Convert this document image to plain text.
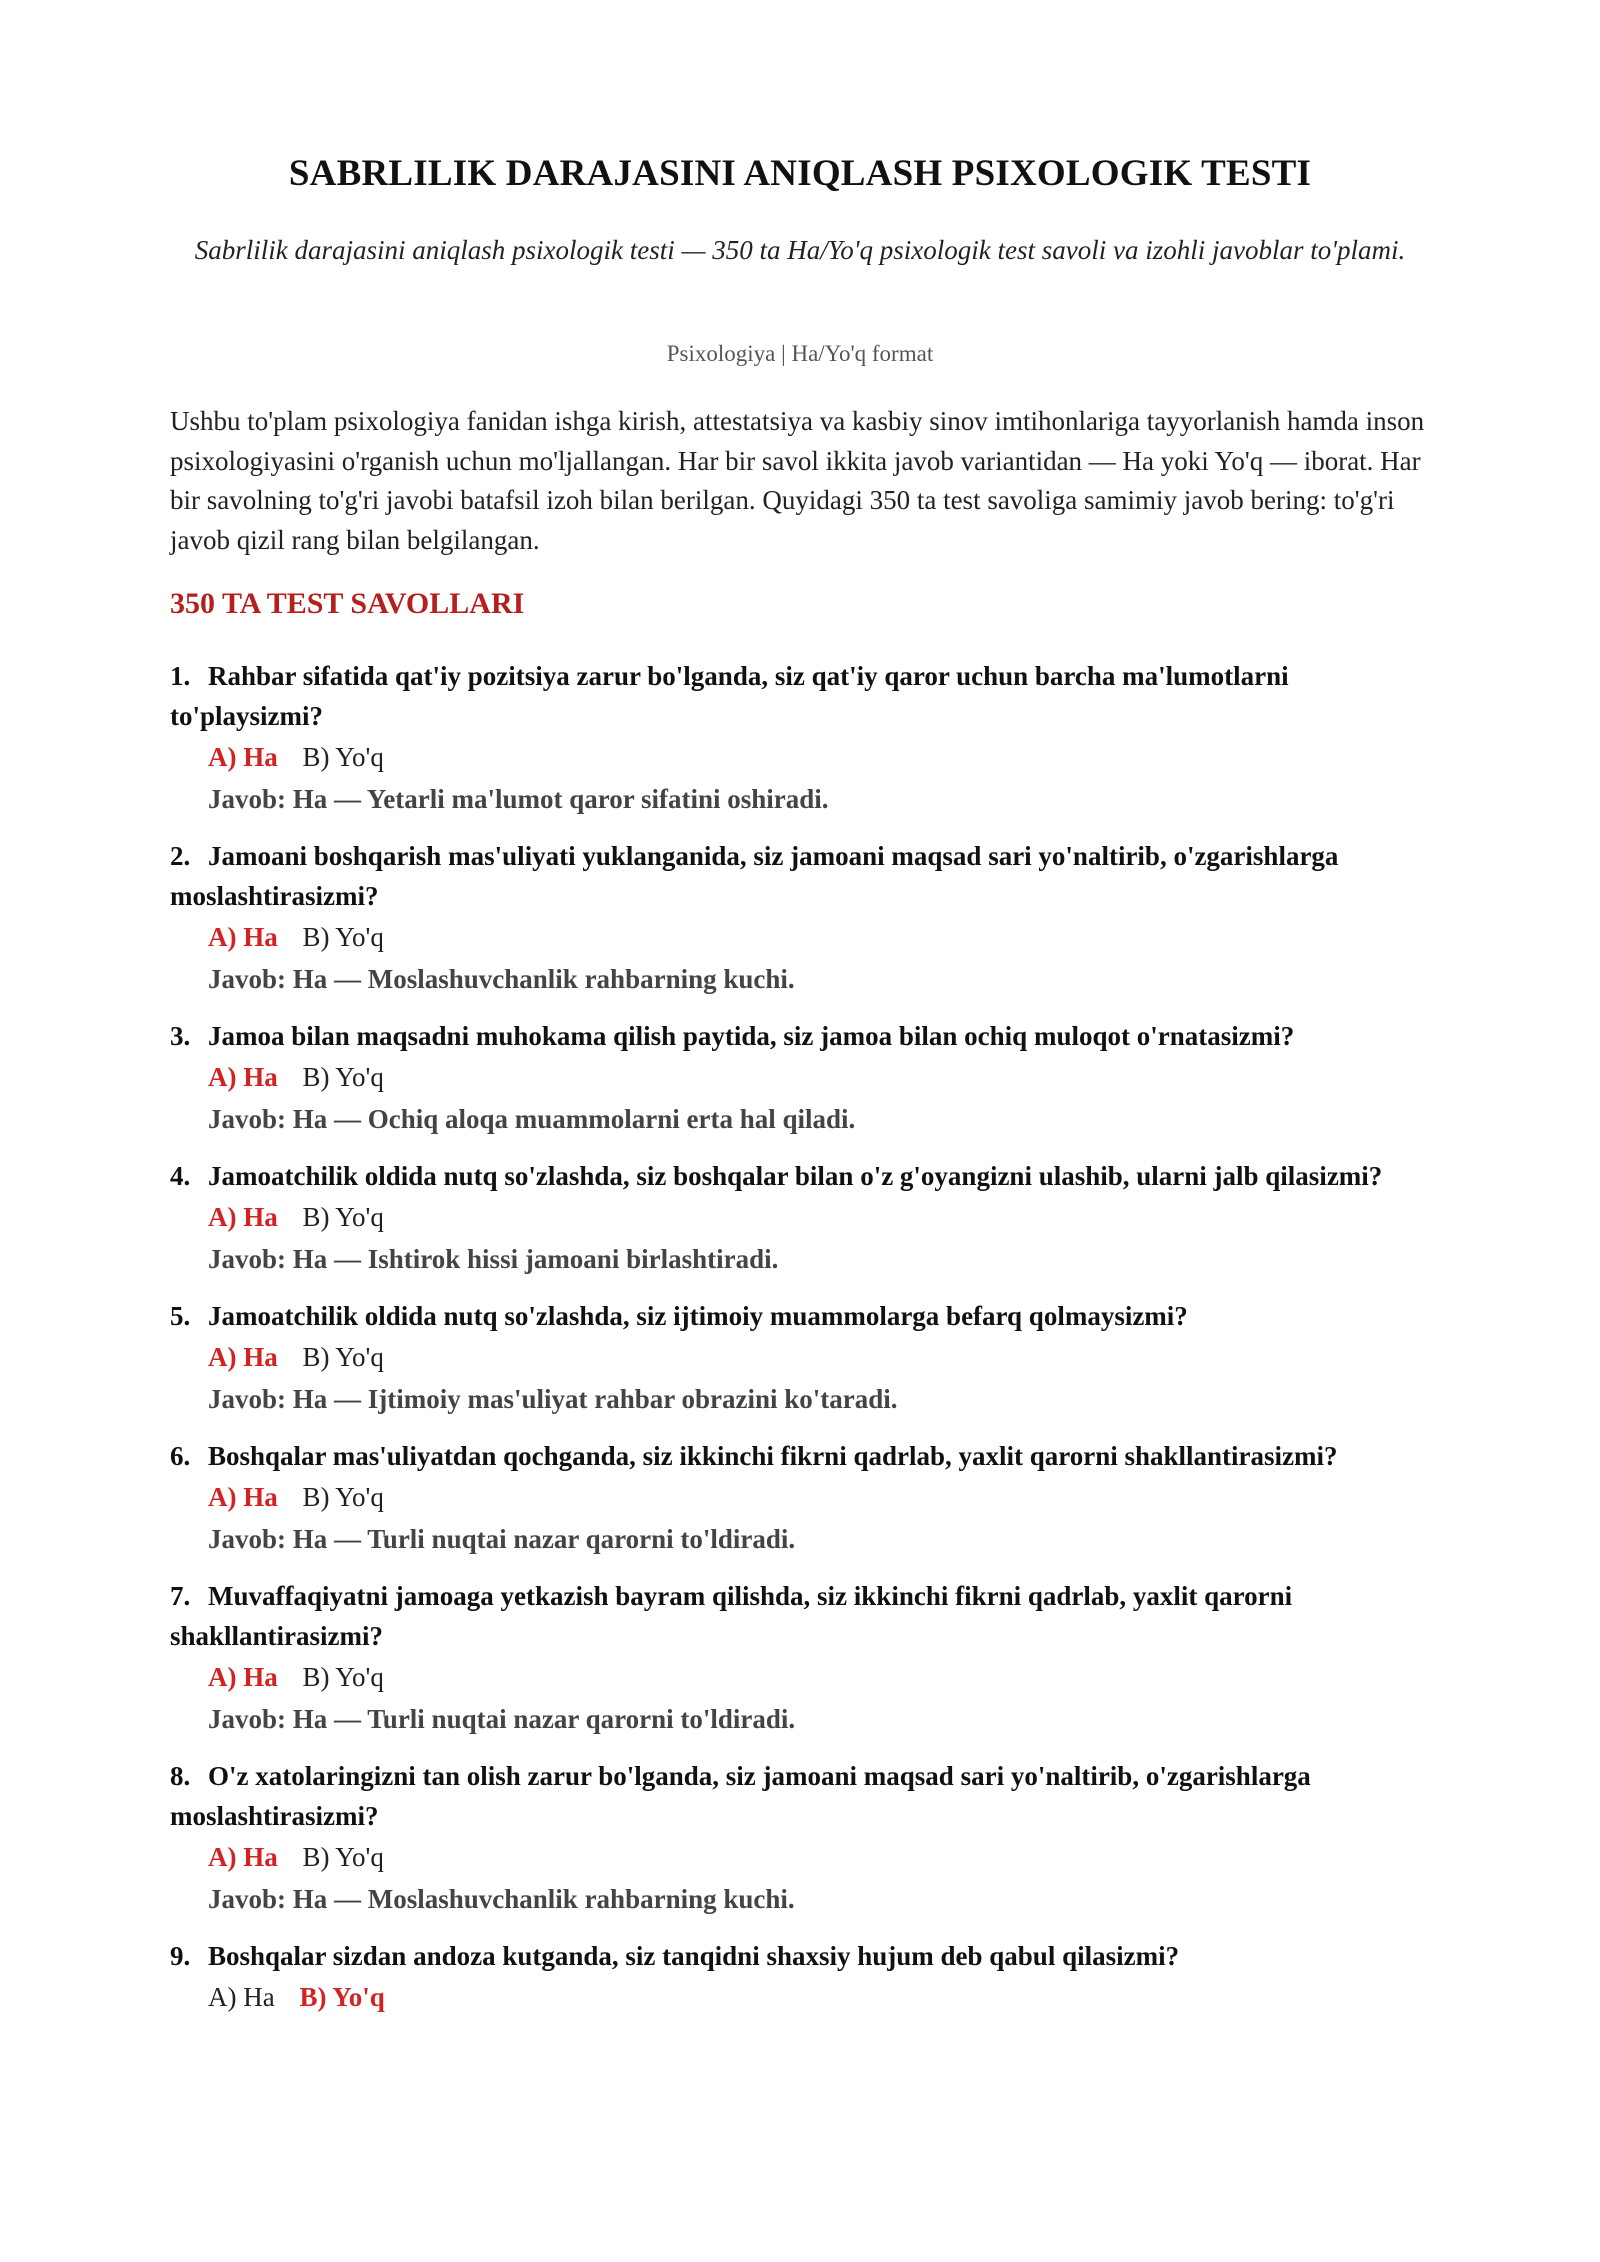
SABRLILIK DARAJASINI ANIQLASH PSIXOLOGIK TESTI

Sabrlilik darajasini aniqlash psixologik testi — 350 ta Ha/Yo'q psixologik test savoli va izohli javoblar to'plami.

Psixologiya | Ha/Yo'q format

Ushbu to'plam psixologiya fanidan ishga kirish, attestatsiya va kasbiy sinov imtihonlariga tayyorlanish hamda inson psixologiyasini o'rganish uchun mo'ljallangan. Har bir savol ikkita javob variantidan — Ha yoki Yo'q — iborat. Har bir savolning to'g'ri javobi batafsil izoh bilan berilgan. Quyidagi 350 ta test savoliga samimiy javob bering: to'g'ri javob qizil rang bilan belgilangan.

350 TA TEST SAVOLLARI

1. Rahbar sifatida qat'iy pozitsiya zarur bo'lganda, siz qat'iy qaror uchun barcha ma'lumotlarni to'playsizmi?

A) Ha B) Yo'q

Javob: Ha — Yetarli ma'lumot qaror sifatini oshiradi.

2. Jamoani boshqarish mas'uliyati yuklanganida, siz jamoani maqsad sari yo'naltirib, o'zgarishlarga moslashtirasizmi?

A) Ha B) Yo'q

Javob: Ha — Moslashuvchanlik rahbarning kuchi.

3. Jamoa bilan maqsadni muhokama qilish paytida, siz jamoa bilan ochiq muloqot o'rnatasizmi?

A) Ha B) Yo'q

Javob: Ha — Ochiq aloqa muammolarni erta hal qiladi.

4. Jamoatchilik oldida nutq so'zlashda, siz boshqalar bilan o'z g'oyangizni ulashib, ularni jalb qilasizmi?

A) Ha B) Yo'q

Javob: Ha — Ishtirok hissi jamoani birlashtiradi.

5. Jamoatchilik oldida nutq so'zlashda, siz ijtimoiy muammolarga befarq qolmaysizmi?

A) Ha B) Yo'q

Javob: Ha — Ijtimoiy mas'uliyat rahbar obrazini ko'taradi.

6. Boshqalar mas'uliyatdan qochganda, siz ikkinchi fikrni qadrlab, yaxlit qarorni shakllantirasizmi?

A) Ha B) Yo'q

Javob: Ha — Turli nuqtai nazar qarorni to'ldiradi.

7. Muvaffaqiyatni jamoaga yetkazish bayram qilishda, siz ikkinchi fikrni qadrlab, yaxlit qarorni shakllantirasizmi?

A) Ha B) Yo'q

Javob: Ha — Turli nuqtai nazar qarorni to'ldiradi.

8. O'z xatolaringizni tan olish zarur bo'lganda, siz jamoani maqsad sari yo'naltirib, o'zgarishlarga moslashtirasizmi?

A) Ha B) Yo'q

Javob: Ha — Moslashuvchanlik rahbarning kuchi.

9. Boshqalar sizdan andoza kutganda, siz tanqidni shaxsiy hujum deb qabul qilasizmi?

A) Ha B) Yo'q
